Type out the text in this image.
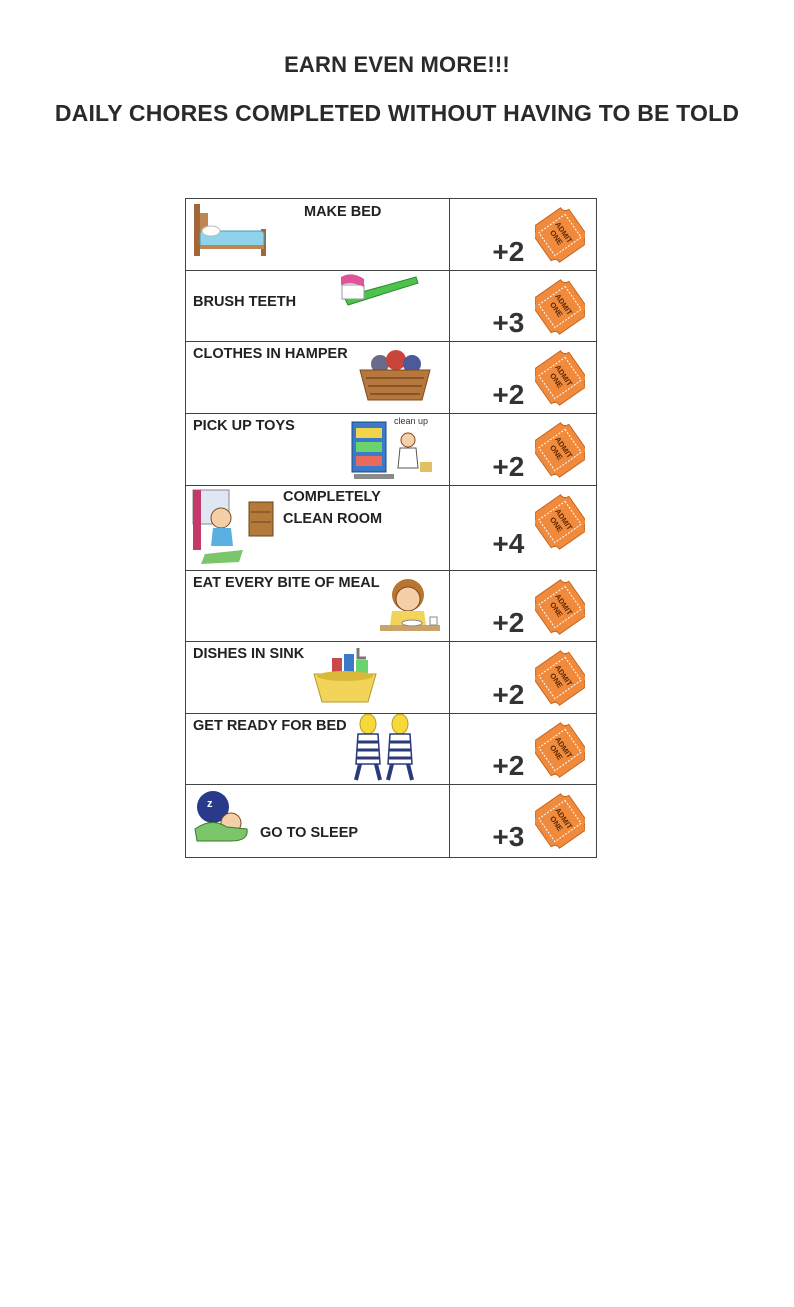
EARN EVEN MORE!!!
DAILY CHORES COMPLETED WITHOUT HAVING TO BE TOLD
MAKE BED	+2

BRUSH TEETH	+3

CLOTHES IN HAMPER	+2

PICK UP TOYS clean up	+2

COMPLETELY CLEAN ROOM	+4

EAT EVERY BITE OF MEAL	+2

DISHES IN SINK	+2

GET READY FOR BED	+2

z
GO TO SLEEP	+3
